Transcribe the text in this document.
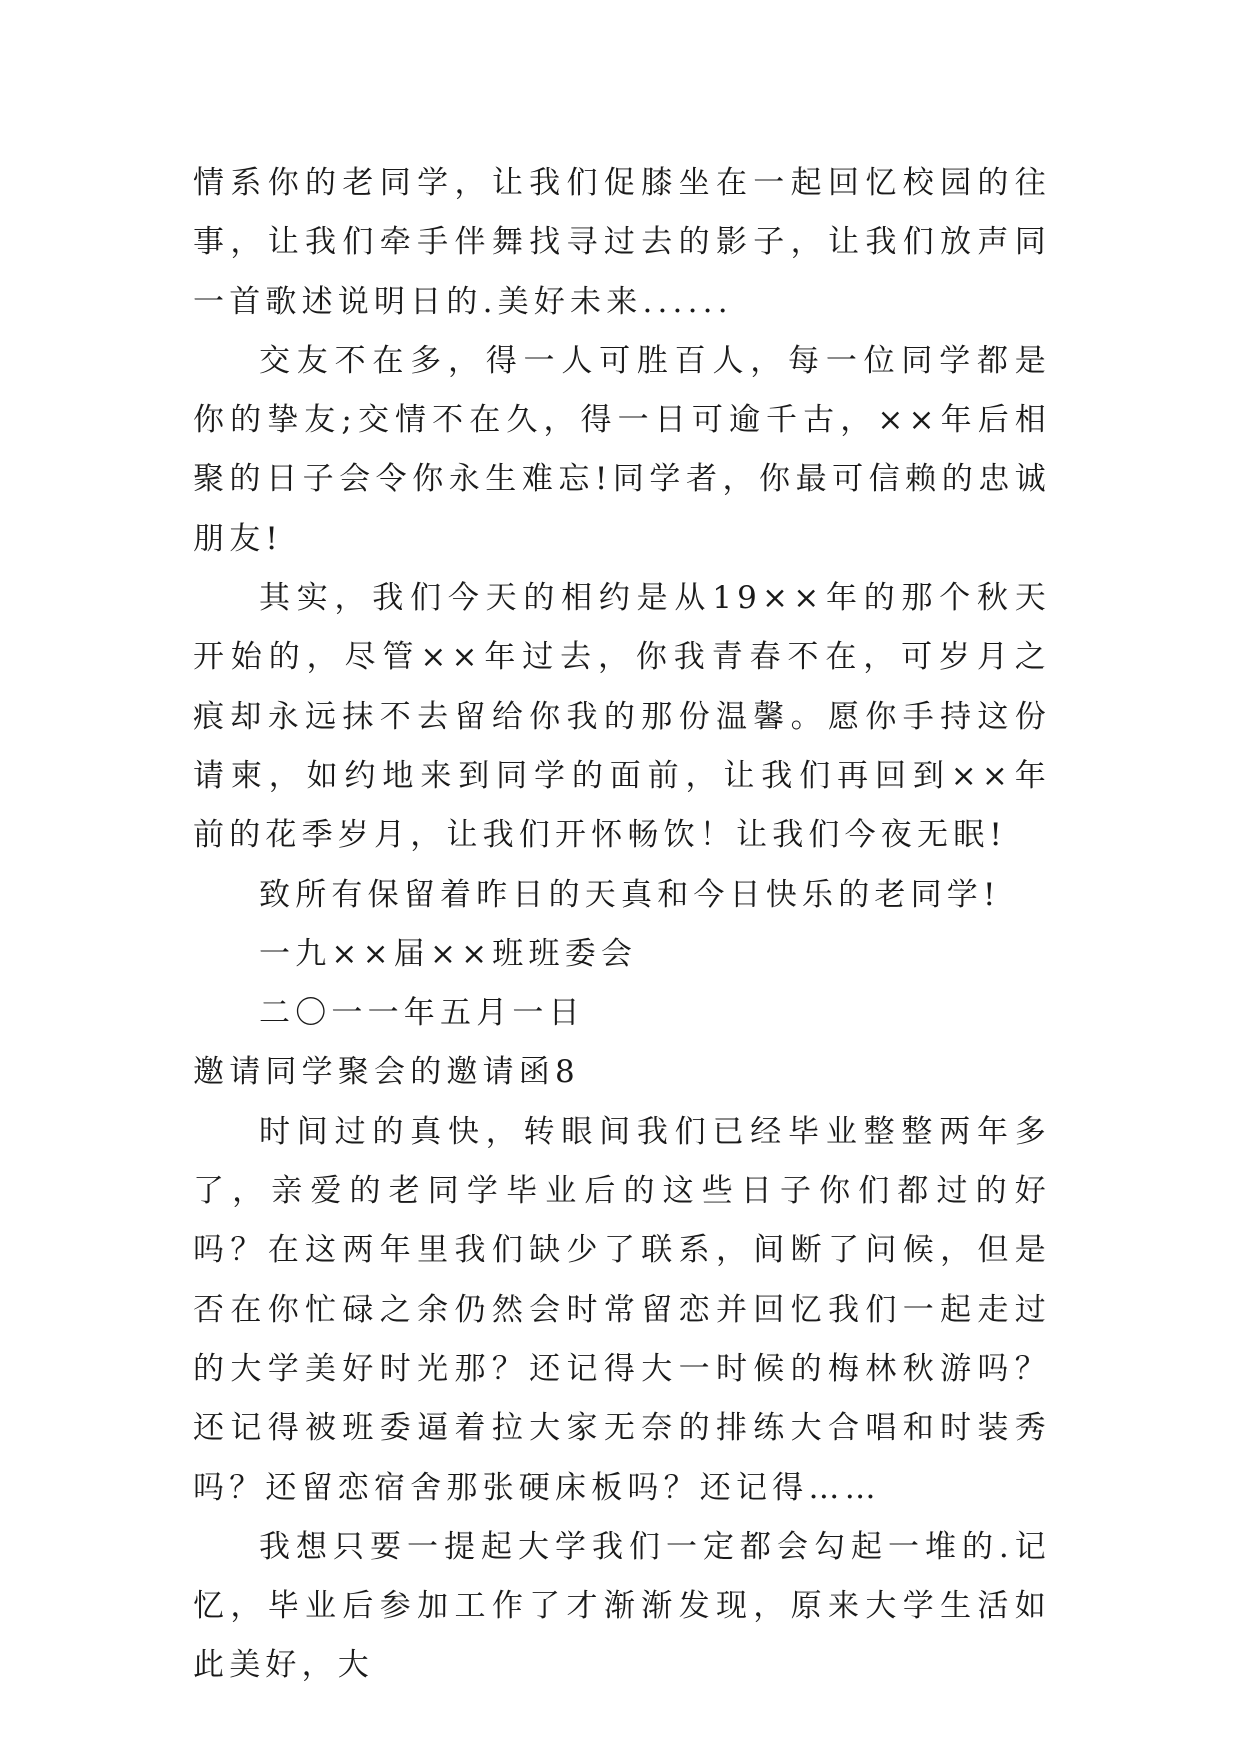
情系你的老同学，让我们促膝坐在一起回忆校园的往事，让我们牵手伴舞找寻过去的影子，让我们放声同一首歌述说明日的.美好未来......

交友不在多，得一人可胜百人，每一位同学都是你的挚友;交情不在久，得一日可逾千古，××年后相聚的日子会令你永生难忘!同学者，你最可信赖的忠诚朋友!

其实，我们今天的相约是从19××年的那个秋天开始的，尽管××年过去，你我青春不在，可岁月之痕却永远抹不去留给你我的那份温馨。愿你手持这份请柬，如约地来到同学的面前，让我们再回到××年前的花季岁月，让我们开怀畅饮！让我们今夜无眠!

致所有保留着昨日的天真和今日快乐的老同学!

一九××届××班班委会

二〇一一年五月一日

邀请同学聚会的邀请函8

时间过的真快，转眼间我们已经毕业整整两年多了，亲爱的老同学毕业后的这些日子你们都过的好吗？在这两年里我们缺少了联系，间断了问候，但是否在你忙碌之余仍然会时常留恋并回忆我们一起走过的大学美好时光那？还记得大一时候的梅林秋游吗？还记得被班委逼着拉大家无奈的排练大合唱和时装秀吗？还留恋宿舍那张硬床板吗？还记得……

我想只要一提起大学我们一定都会勾起一堆的.记忆，毕业后参加工作了才渐渐发现，原来大学生活如此美好，大
